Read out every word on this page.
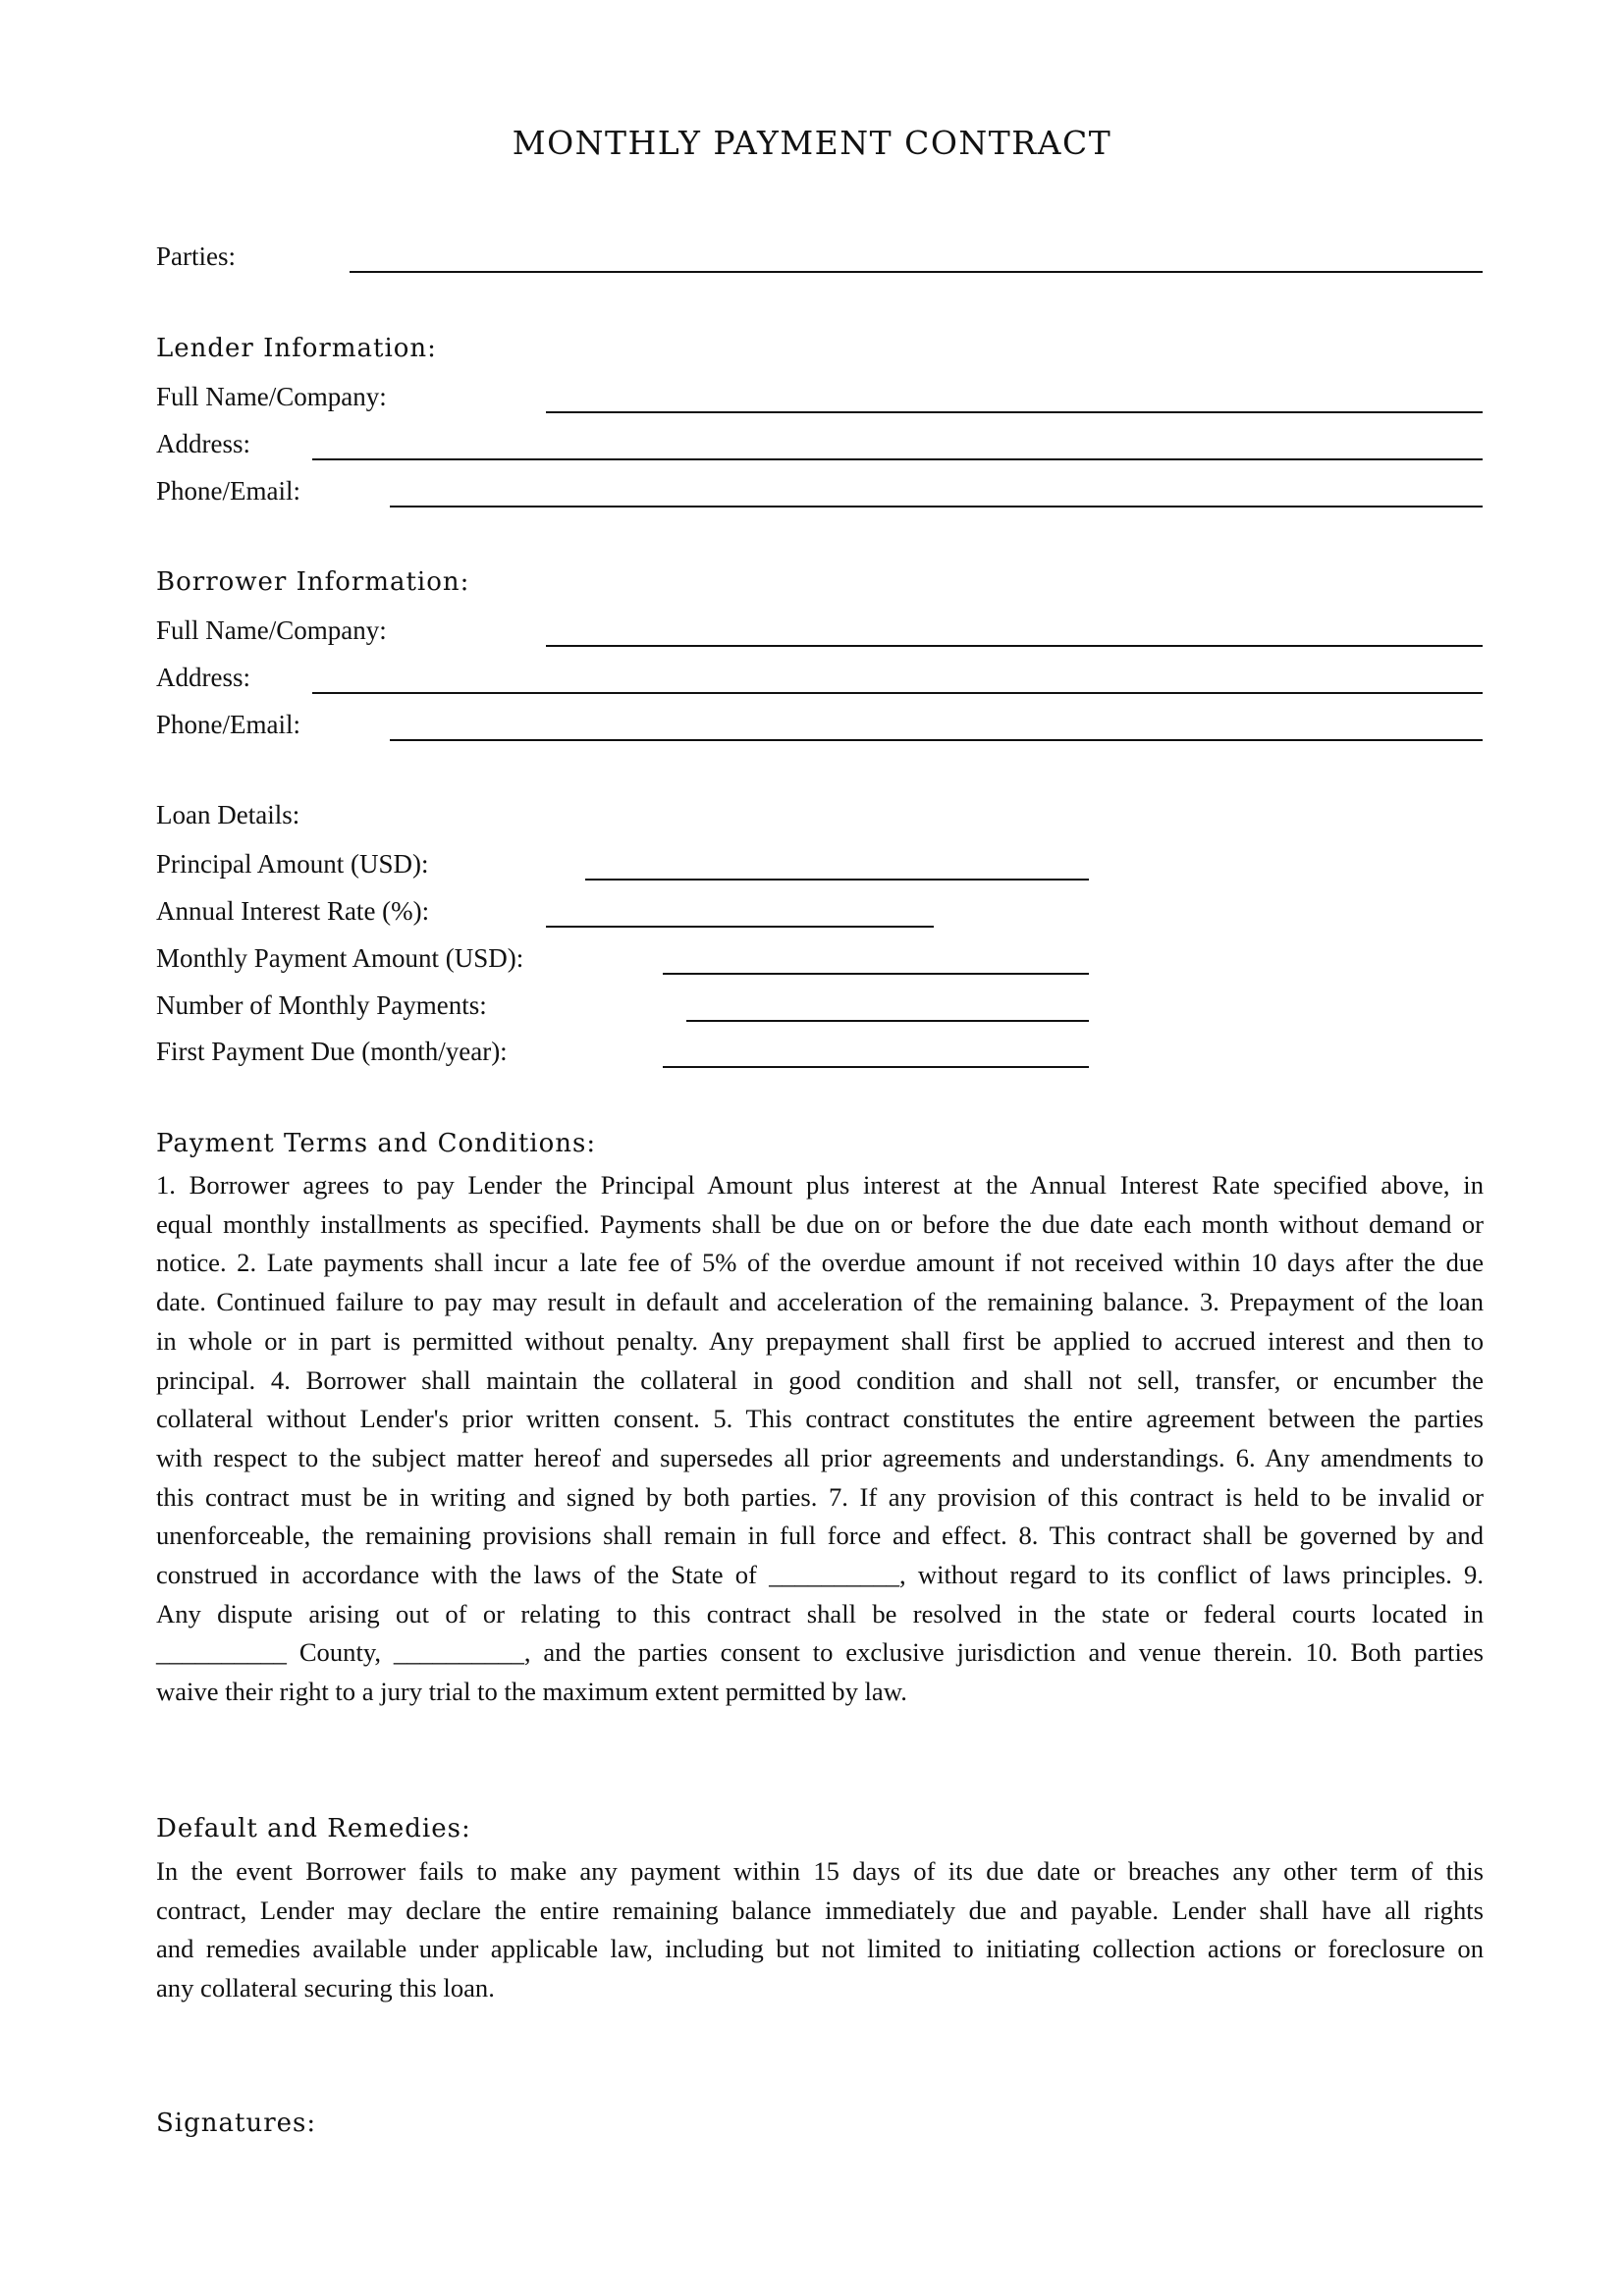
MONTHLY PAYMENT CONTRACT
Parties:
Lender Information:
Full Name/Company:
Address:
Phone/Email:
Borrower Information:
Full Name/Company:
Address:
Phone/Email:
Loan Details:
Principal Amount (USD):
Annual Interest Rate (%):
Monthly Payment Amount (USD):
Number of Monthly Payments:
First Payment Due (month/year):
Payment Terms and Conditions:

1. Borrower agrees to pay Lender the Principal Amount plus interest at the Annual Interest Rate specified above, in
equal monthly installments as specified. Payments shall be due on or before the due date each month without demand or
notice. 2. Late payments shall incur a late fee of 5% of the overdue amount if not received within 10 days after the due
date. Continued failure to pay may result in default and acceleration of the remaining balance. 3. Prepayment of the loan
in whole or in part is permitted without penalty. Any prepayment shall first be applied to accrued interest and then to
principal. 4. Borrower shall maintain the collateral in good condition and shall not sell, transfer, or encumber the
collateral without Lender's prior written consent. 5. This contract constitutes the entire agreement between the parties
with respect to the subject matter hereof and supersedes all prior agreements and understandings. 6. Any amendments to
this contract must be in writing and signed by both parties. 7. If any provision of this contract is held to be invalid or
unenforceable, the remaining provisions shall remain in full force and effect. 8. This contract shall be governed by and
construed in accordance with the laws of the State of __________, without regard to its conflict of laws principles. 9.
Any dispute arising out of or relating to this contract shall be resolved in the state or federal courts located in
__________ County, __________, and the parties consent to exclusive jurisdiction and venue therein. 10. Both parties
waive their right to a jury trial to the maximum extent permitted by law.

Default and Remedies:

In the event Borrower fails to make any payment within 15 days of its due date or breaches any other term of this
contract, Lender may declare the entire remaining balance immediately due and payable. Lender shall have all rights
and remedies available under applicable law, including but not limited to initiating collection actions or foreclosure on
any collateral securing this loan.

Signatures:
